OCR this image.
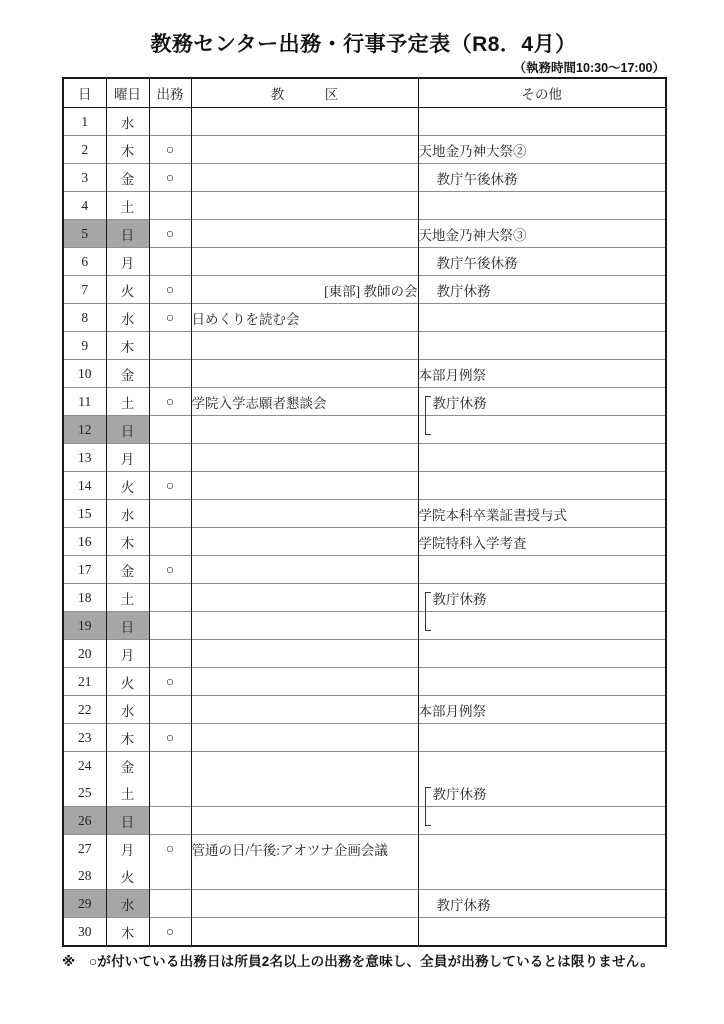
教務センター出務・行事予定表（R8．4月）
（執務時間10:30～17:00）
日	曜日	出務	教　　　区	その他
1	水			
2	木	○		天地金乃神大祭②
3	金	○		教庁午後休務
4	土			
5	日	○		天地金乃神大祭③
6	月			教庁午後休務
7	火	○	[東部] 教師の会	教庁休務
8	水	○	日めくりを読む会	
9	木			
10	金			本部月例祭
11	土	○	学院入学志願者懇談会	教庁休務
12	日			
13	月			
14	火	○		
15	水			学院本科卒業証書授与式
16	木			学院特科入学考査
17	金	○		
18	土			教庁休務
19	日			
20	月			
21	火	○		
22	水			本部月例祭
23	木	○		
24	金			
25	土			教庁休務
26	日			
27	月	○	管通の日/午後:アオツナ企画会議	
28	火			
29	水			教庁休務
30	木	○		
※　○が付いている出務日は所員2名以上の出務を意味し、全員が出務しているとは限りません。
